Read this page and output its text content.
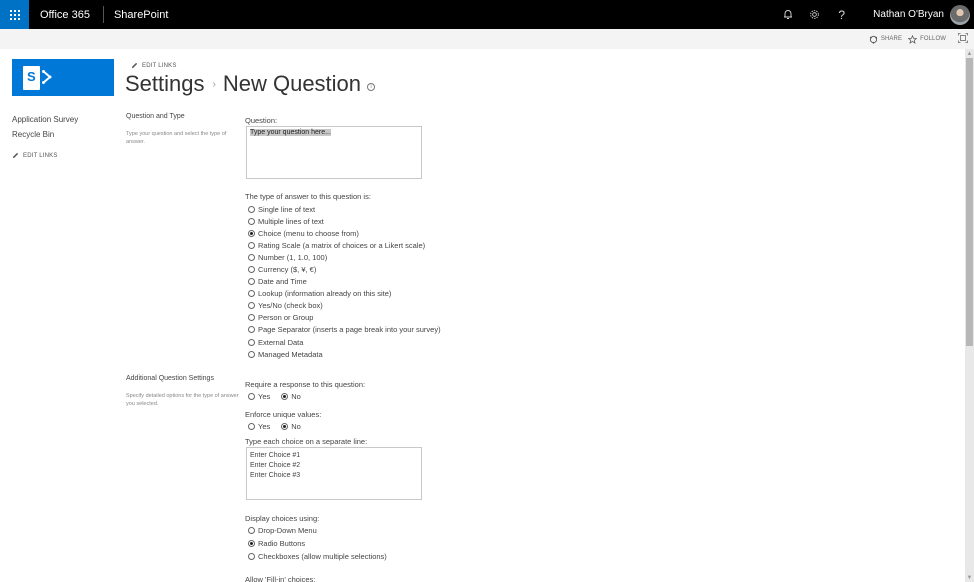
Office 365 SharePoint	?	Nathan O'Bryan
SHARE	FOLLOW
▲
▼
S
Application Survey
Recycle Bin
EDIT LINKS
EDIT LINKS
Settings › New Question	i
Question and Type
Type your question and select the type of answer.
Question:
Type your question here...
The type of answer to this question is:
Single line of text
Multiple lines of text
Choice (menu to choose from)
Rating Scale (a matrix of choices or a Likert scale)
Number (1, 1.0, 100)
Currency ($, ¥, €)
Date and Time
Lookup (information already on this site)
Yes/No (check box)
Person or Group
Page Separator (inserts a page break into your survey)
External Data
Managed Metadata
Additional Question Settings
Specify detailed options for the type of answer you selected.
Require a response to this question:
Yes	No
Enforce unique values:
Yes	No
Type each choice on a separate line:
Enter Choice #1
Enter Choice #2
Enter Choice #3
Display choices using:
Drop-Down Menu
Radio Buttons
Checkboxes (allow multiple selections)
Allow 'Fill-in' choices:
